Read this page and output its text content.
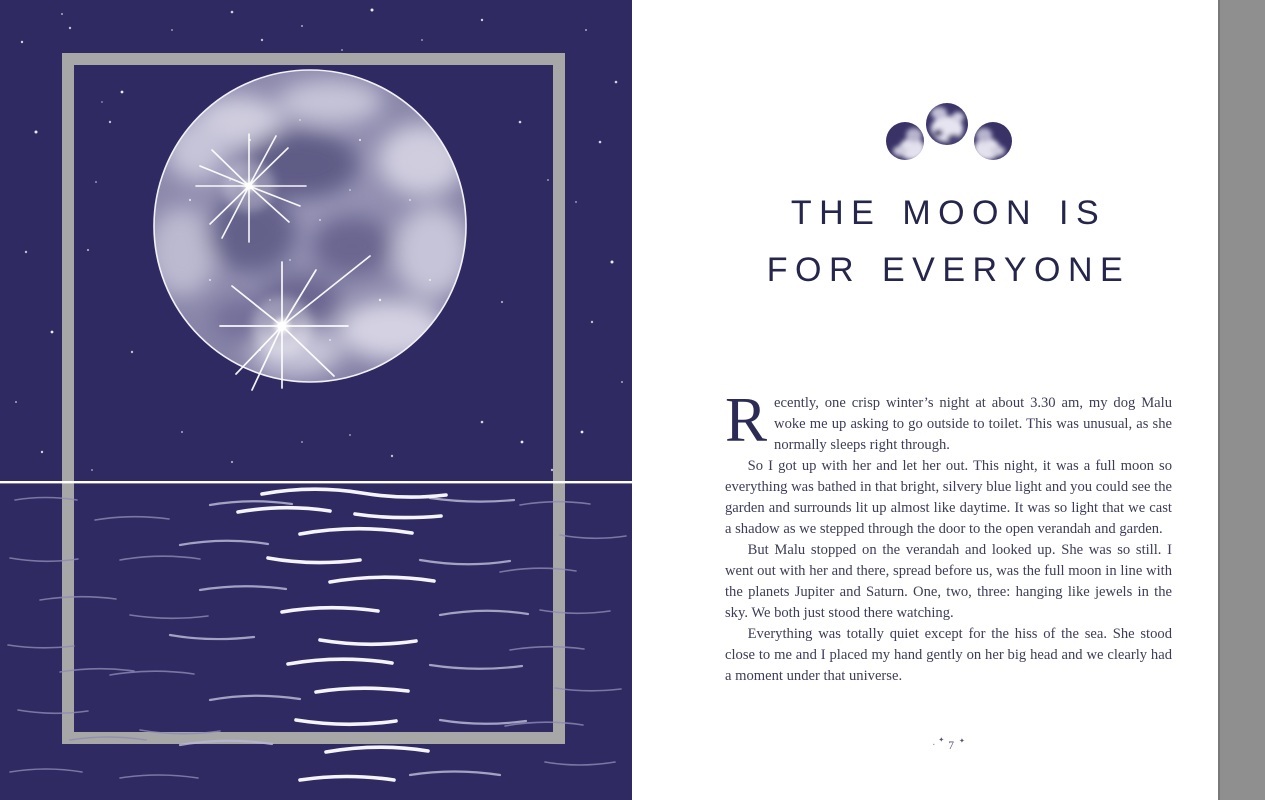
THE MOON IS
FOR EVERYONE

Recently, one crisp winter’s night at about 3.30 am, my dog Malu woke me up asking to go outside to toilet. This was unusual, as she normally sleeps right through.

So I got up with her and let her out. This night, it was a full moon so everything was bathed in that bright, silvery blue light and you could see the garden and surrounds lit up almost like daytime. It was so light that we cast a shadow as we stepped through the door to the open verandah and garden.

But Malu stopped on the verandah and looked up. She was so still. I went out with her and there, spread before us, was the full moon in line with the planets Jupiter and Saturn. One, two, three: hanging like jewels in the sky. We both just stood there watching.

Everything was totally quiet except for the hiss of the sea. She stood close to me and I placed my hand gently on her big head and we clearly had a moment under that universe.

· ✦ 7 ✦
